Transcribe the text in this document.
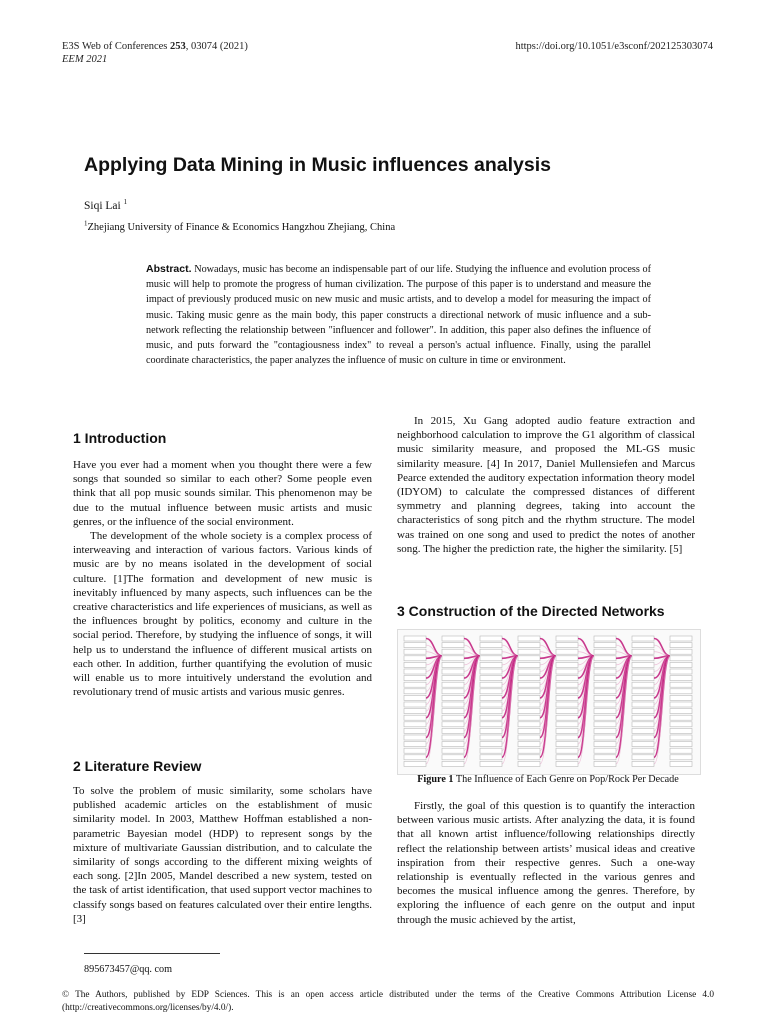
E3S Web of Conferences 253, 03074 (2021)
EEM 2021
https://doi.org/10.1051/e3sconf/202125303074
Applying Data Mining in Music influences analysis
Siqi Lai $^1$
$^1$Zhejiang University of Finance & Economics Hangzhou Zhejiang, China
Abstract. Nowadays, music has become an indispensable part of our life. Studying the influence and evolution process of music will help to promote the progress of human civilization. The purpose of this paper is to understand and measure the impact of previously produced music on new music and music artists, and to develop a model for measuring the impact of music. Taking music genre as the main body, this paper constructs a directional network of music influence and a sub-network reflecting the relationship between "influencer and follower". In addition, this paper also defines the influence of music, and puts forward the "contagiousness index" to reveal a person's actual influence. Finally, using the parallel coordinate characteristics, the paper analyzes the influence of music on culture in time or environment.
1 Introduction

Have you ever had a moment when you thought there were a few songs that sounded so similar to each other? Some people even think that all pop music sounds similar. This phenomenon may be due to the mutual influence between music artists and music genres, or the influence of the social environment.

The development of the whole society is a complex process of interweaving and interaction of various factors. Various kinds of music are by no means isolated in the development of social culture. [1]The formation and development of new music is inevitably influenced by many aspects, such influences can be the creative characteristics and life experiences of musicians, as well as the influences brought by politics, economy and culture in the social period. Therefore, by studying the influence of songs, it will help us to understand the influence of different musical artists on each other. In addition, further quantifying the evolution of music will enable us to more intuitively understand the evolution and revolutionary trend of music artists and various music genres.

2 Literature Review

To solve the problem of music similarity, some scholars have published academic articles on the establishment of music similarity model. In 2003, Matthew Hoffman established a non-parametric Bayesian model (HDP) to represent songs by the mixture of multivariate Gaussian distribution, and to calculate the similarity of songs according to the different mixing weights of each song. [2]In 2005, Mandel described a new system, tested on the task of artist identification, that used support vector machines to classify songs based on features calculated over their entire lengths.[3]

In 2015, Xu Gang adopted audio feature extraction and neighborhood calculation to improve the G1 algorithm of classical music similarity measure, and proposed the ML-GS music similarity measure. [4] In 2017, Daniel Mullensiefen and Marcus Pearce extended the auditory expectation information theory model (IDYOM) to calculate the compressed distances of different symmetry and planning degrees, taking into account the characteristics of song pitch and the rhythm structure. The model was trained on one song and used to predict the notes of another song. The higher the prediction rate, the higher the similarity. [5]

3 Construction of the Directed Networks
Figure 1 The Influence of Each Genre on Pop/Rock Per Decade

Firstly, the goal of this question is to quantify the interaction between various music artists. After analyzing the data, it is found that all known artist influence/following relationships directly reflect the relationship between artists’ musical ideas and creative inspiration from their respective genres. Such a one-way relationship is eventually reflected in the various genres and becomes the musical influence among the genres. Therefore, by exploring the influence of each genre on the output and input through the music achieved by the artist,

895673457@qq. com
© The Authors, published by EDP Sciences. This is an open access article distributed under the terms of the Creative Commons Attribution License 4.0 (http://creativecommons.org/licenses/by/4.0/).
